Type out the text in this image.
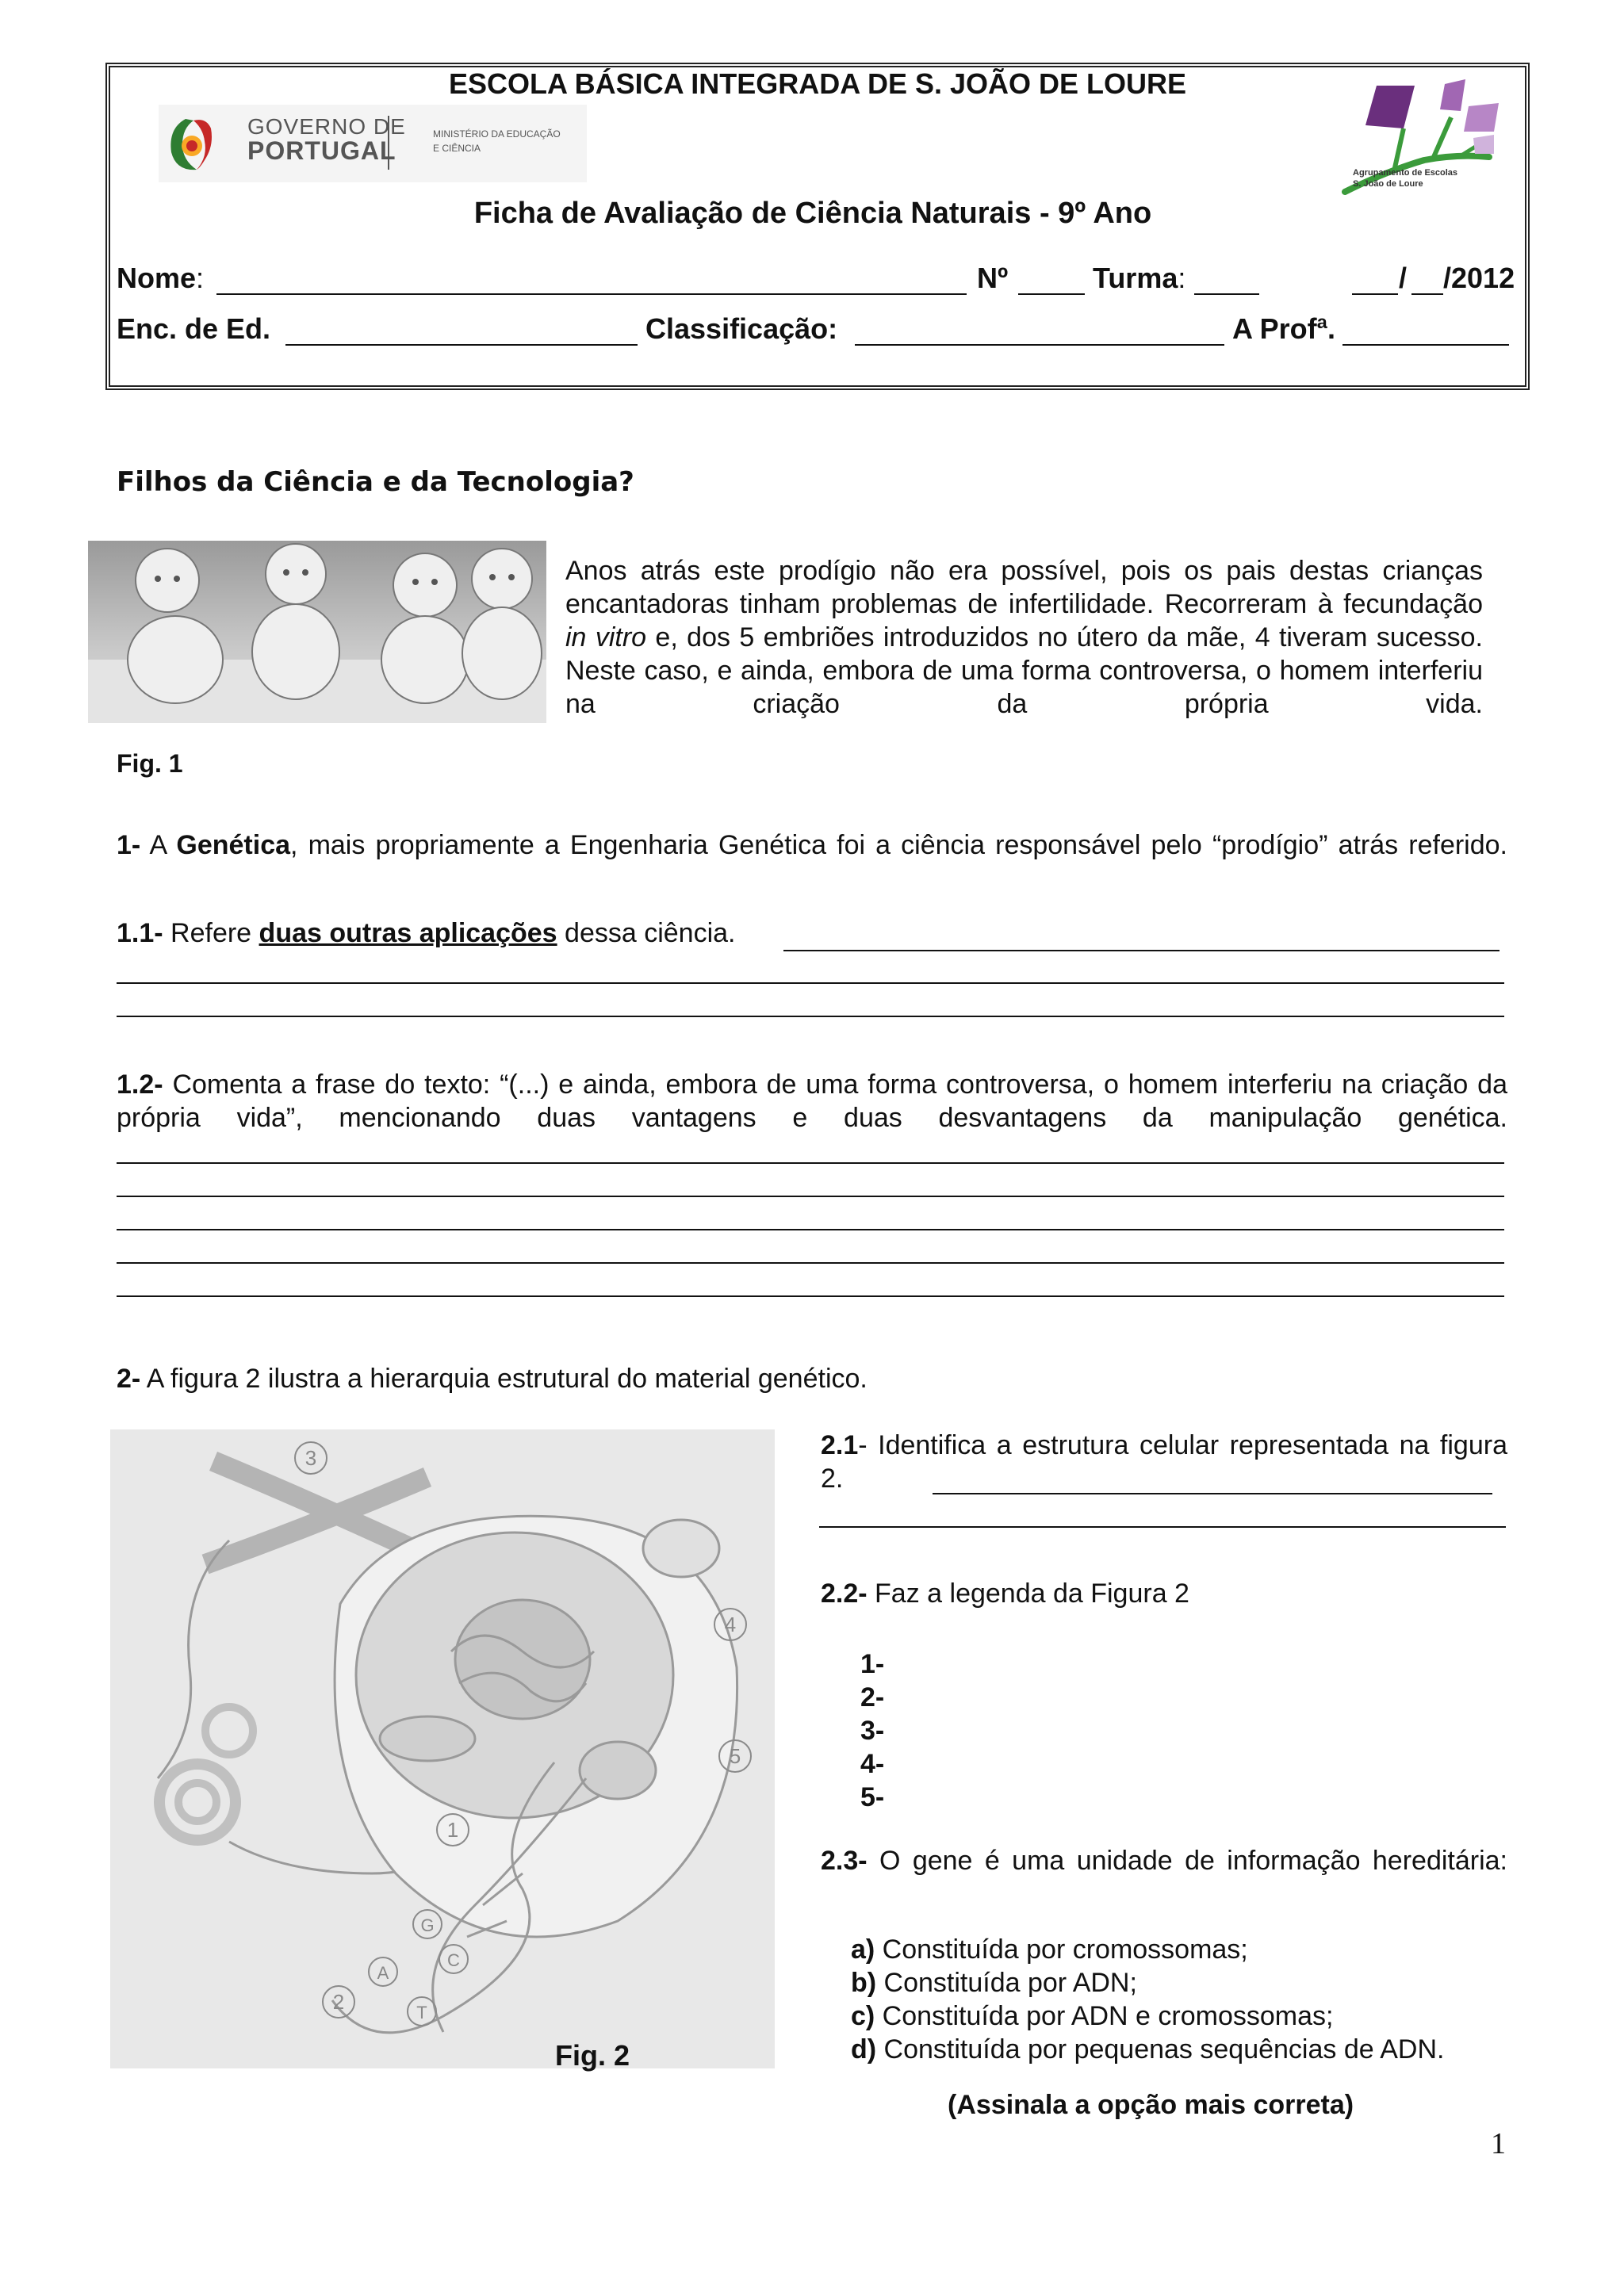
ESCOLA BÁSICA INTEGRADA DE S. JOÃO DE LOURE
GOVERNO DE
PORTUGAL
MINISTÉRIO DA EDUCAÇÃO
E CIÊNCIA
Agrupamento de Escolas
S. João de Loure
Ficha de Avaliação de Ciência Naturais - 9º Ano
Nome:	Nº	Turma:	/ /2012
Enc. de Ed.	Classificação:	A Profª.
Filhos da Ciência e da Tecnologia?
Anos atrás este prodígio não era possível, pois os pais destas crianças encantadoras tinham problemas de infertilidade. Recorreram à fecundação in vitro e, dos 5 embriões introduzidos no útero da mãe, 4 tiveram sucesso. Neste caso, e ainda, embora de uma forma controversa, o homem interferiu na criação da própria vida.
Fig. 1
1- A Genética, mais propriamente a Engenharia Genética foi a ciência responsável pelo “prodígio” atrás referido.
1.1- Refere duas outras aplicações dessa ciência.
1.2- Comenta a frase do texto: “(...) e ainda, embora de uma forma controversa, o homem interferiu na criação da própria vida”, mencionando duas vantagens e duas desvantagens da manipulação genética.
2- A figura 2 ilustra a hierarquia estrutural do material genético.
1
2
3
4
5
A
G
C
T
Fig. 2
2.1- Identifica a estrutura celular representada na figura 2.
2.2- Faz a legenda da Figura 2
1-
2-
3-
4-
5-
2.3- O gene é uma unidade de informação hereditária:
a) Constituída por cromossomas;
b) Constituída por ADN;
c) Constituída por ADN e cromossomas;
d) Constituída por pequenas sequências de ADN.
(Assinala a opção mais correta)
1
